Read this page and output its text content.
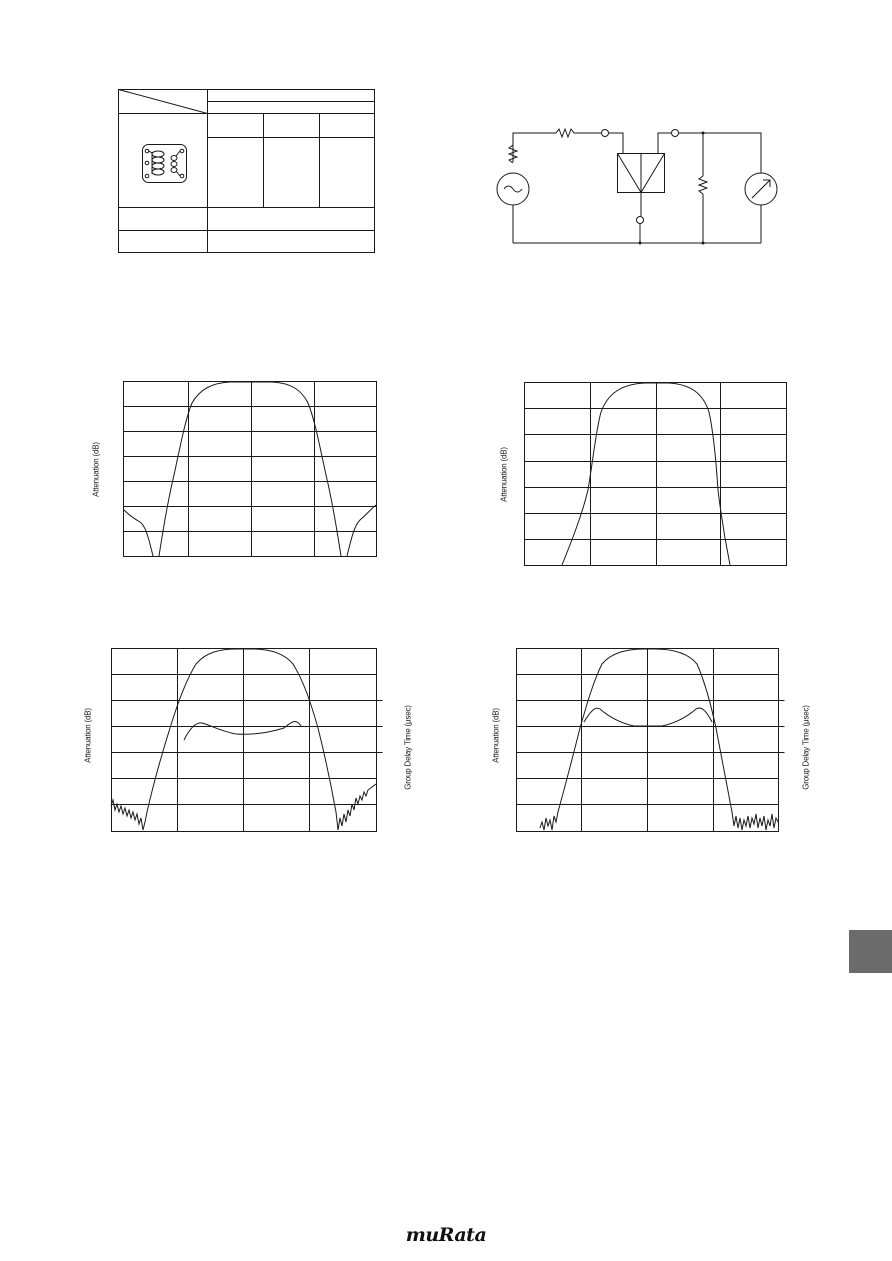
Attenuation (dB)	Attenuation (dB)
Attenuation (dB)	Group Delay Time (μsec)	Attenuation (dB)	Group Delay Time (μsec)
muRata
